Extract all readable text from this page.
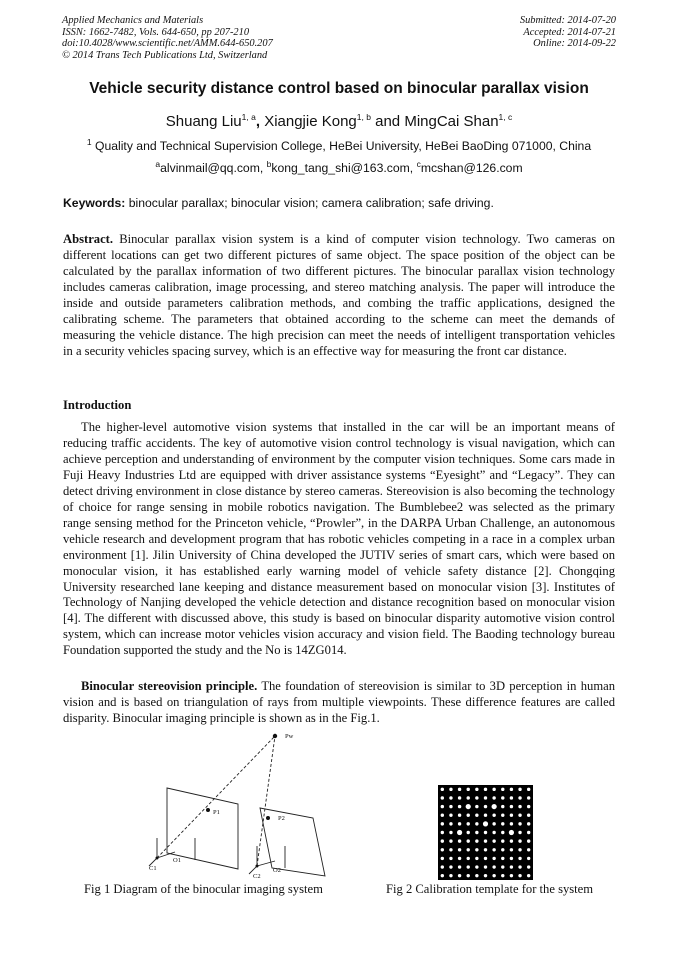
Applied Mechanics and Materials
ISSN: 1662-7482, Vols. 644-650, pp 207-210
doi:10.4028/www.scientific.net/AMM.644-650.207
© 2014 Trans Tech Publications Ltd, Switzerland
Submitted: 2014-07-20
Accepted: 2014-07-21
Online: 2014-09-22
Vehicle security distance control based on binocular parallax vision
Shuang Liu$^{1, a}$, Xiangjie Kong$^{1, b}$ and MingCai Shan$^{1, c}$
$^1$ Quality and Technical Supervision College, HeBei University, HeBei BaoDing 071000, China
$^a$alvinmail@qq.com, $^b$kong_tang_shi@163.com, $^c$mcshan@126.com
Keywords: binocular parallax; binocular vision; camera calibration; safe driving.
Abstract. Binocular parallax vision system is a kind of computer vision technology. Two cameras on different locations can get two different pictures of same object. The space position of the object can be calculated by the parallax information of two different pictures. The binocular parallax vision technology includes cameras calibration, image processing, and stereo matching analysis. The paper will introduce the inside and outside parameters calibration methods, and combing the traffic applications, designed the calibrating scheme. The parameters that obtained according to the scheme can meet the demands of measuring the vehicle distance. The high precision can meet the needs of intelligent transportation vehicles in a security vehicles spacing survey, which is an effective way for measuring the front car distance.
Introduction
The higher-level automotive vision systems that installed in the car will be an important means of reducing traffic accidents. The key of automotive vision control technology is visual navigation, which can achieve perception and understanding of environment by the computer vision techniques. Some cars made in Fuji Heavy Industries Ltd are equipped with driver assistance systems “Eyesight” and “Legacy”. They can detect driving environment in close distance by stereo cameras. Stereovision is also becoming the technology of choice for range sensing in mobile robotics navigation. The Bumblebee2 was selected as the primary range sensing method for the Princeton vehicle, “Prowler”, in the DARPA Urban Challenge, an autonomous vehicle research and development program that has robotic vehicles competing in a race in a complex urban environment [1]. Jilin University of China developed the JUTIV series of smart cars, which were based on monocular vision, it has established early warning model of vehicle safety distance [2]. Chongqing University researched lane keeping and distance measurement based on monocular vision [3]. Institutes of Technology of Nanjing developed the vehicle detection and distance recognition based on monocular vision [4]. The different with discussed above, this study is based on binocular disparity automotive vision control system, which can increase motor vehicles vision accuracy and vision field. The Baoding technology bureau Foundation supported the study and the No is 14ZG014.
Binocular stereovision principle. The foundation of stereovision is similar to 3D perception in human vision and is based on triangulation of rays from multiple viewpoints. These difference features are called disparity. Binocular imaging principle is shown as in the Fig.1.
Pw
P1
P2
C1
O1
C2
O2
Fig 1 Diagram of the binocular imaging system	Fig 2 Calibration template for the system
